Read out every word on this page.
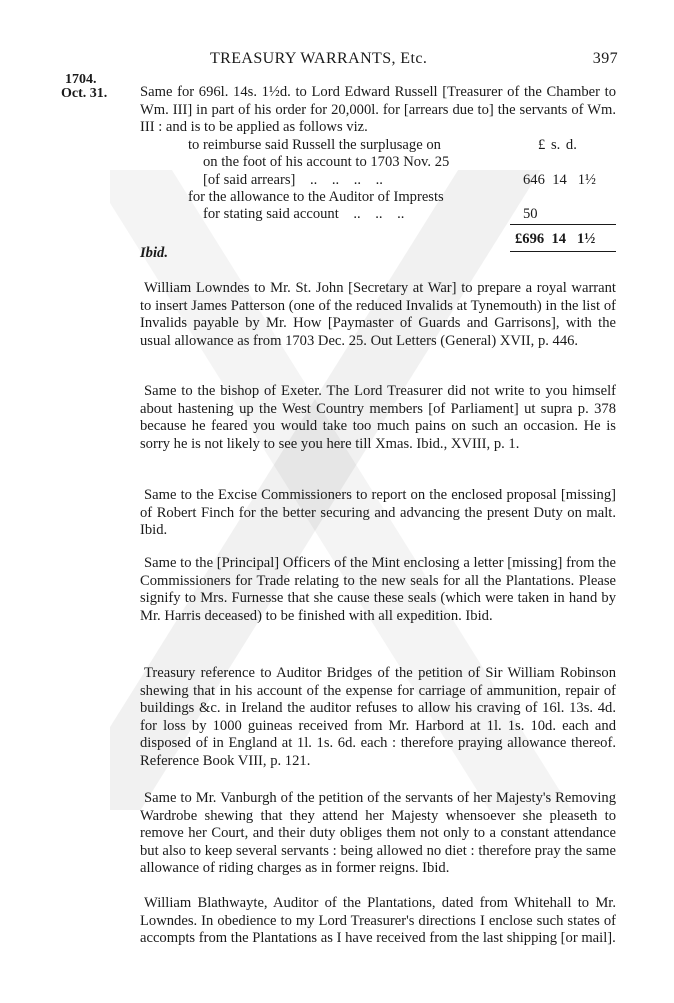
TREASURY WARRANTS, Etc.	397
1704.
Oct. 31. Same for 696l. 14s. 1½d. to Lord Edward Russell [Treasurer of the Chamber to Wm. III] in part of his order for 20,000l. for [arrears due to] the servants of Wm. III : and is to be applied as follows viz.
to reimburse said Russell the surplusage on	£ s. d.
on the foot of his account to 1703 Nov. 25
[of said arrears]    ..    ..    ..    ..	646  14   1½
for the allowance to the Auditor of Imprests
for stating said account    ..    ..    ..	50
£696  14   1½
Ibid.
William Lowndes to Mr. St. John [Secretary at War] to prepare a royal warrant to insert James Patterson (one of the reduced Invalids at Tynemouth) in the list of Invalids payable by Mr. How [Paymaster of Guards and Garrisons], with the usual allowance as from 1703 Dec. 25. Out Letters (General) XVII, p. 446.
Same to the bishop of Exeter. The Lord Treasurer did not write to you himself about hastening up the West Country members [of Parliament] ut supra p. 378 because he feared you would take too much pains on such an occasion. He is sorry he is not likely to see you here till Xmas. Ibid., XVIII, p. 1.
Same to the Excise Commissioners to report on the enclosed proposal [missing] of Robert Finch for the better securing and advancing the present Duty on malt. Ibid.
Same to the [Principal] Officers of the Mint enclosing a letter [missing] from the Commissioners for Trade relating to the new seals for all the Plantations. Please signify to Mrs. Furnesse that she cause these seals (which were taken in hand by Mr. Harris deceased) to be finished with all expedition. Ibid.
Treasury reference to Auditor Bridges of the petition of Sir William Robinson shewing that in his account of the expense for carriage of ammunition, repair of buildings &c. in Ireland the auditor refuses to allow his craving of 16l. 13s. 4d. for loss by 1000 guineas received from Mr. Harbord at 1l. 1s. 10d. each and disposed of in England at 1l. 1s. 6d. each : therefore praying allowance thereof. Reference Book VIII, p. 121.
Same to Mr. Vanburgh of the petition of the servants of her Majesty's Removing Wardrobe shewing that they attend her Majesty whensoever she pleaseth to remove her Court, and their duty obliges them not only to a constant attendance but also to keep several servants : being allowed no diet : therefore pray the same allowance of riding charges as in former reigns. Ibid.
William Blathwayte, Auditor of the Plantations, dated from Whitehall to Mr. Lowndes. In obedience to my Lord Treasurer's directions I enclose such states of accompts from the Plantations as I have received from the last shipping [or mail].
